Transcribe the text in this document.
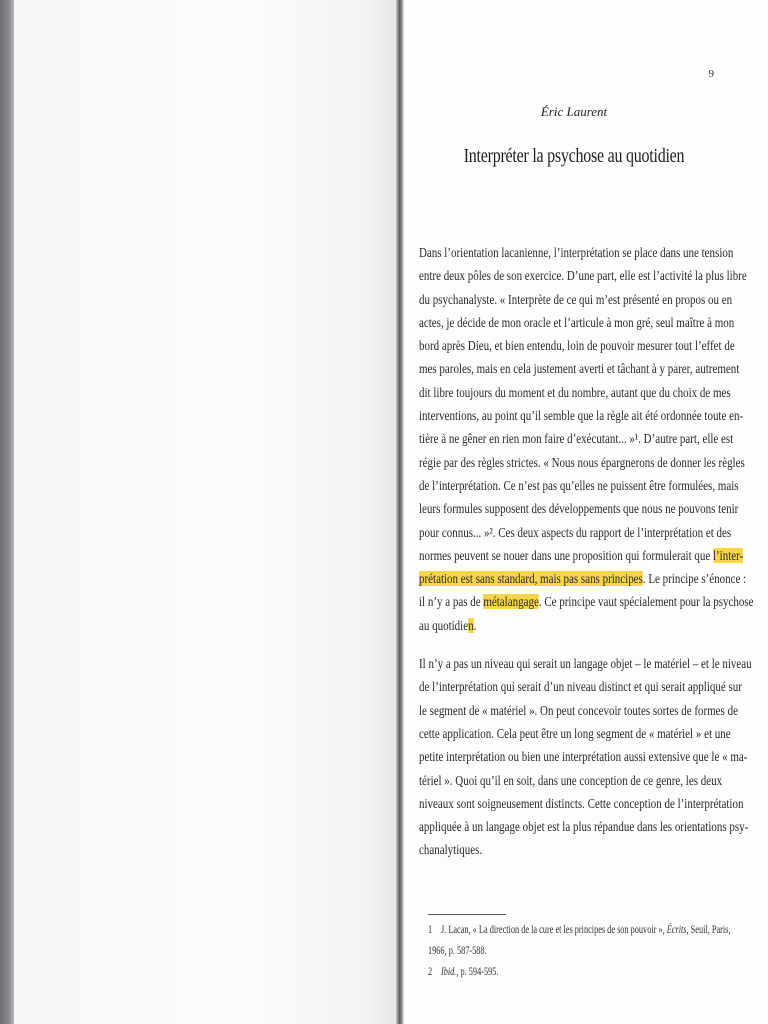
9
Éric Laurent
Interpréter la psychose au quotidien

Dans l’orientation lacanienne, l’interprétation se place dans une tension
entre deux pôles de son exercice. D’une part, elle est l’activité la plus libre
du psychanalyste. « Interprète de ce qui m’est présenté en propos ou en
actes, je décide de mon oracle et l’articule à mon gré, seul maître à mon
bord après Dieu, et bien entendu, loin de pouvoir mesurer tout l’effet de
mes paroles, mais en cela justement averti et tâchant à y parer, autrement
dit libre toujours du moment et du nombre, autant que du choix de mes
interventions, au point qu’il semble que la règle ait été ordonnée toute en-
tière à ne gêner en rien mon faire d’exécutant... »¹. D’autre part, elle est
régie par des règles strictes. « Nous nous épargnerons de donner les règles
de l’interprétation. Ce n’est pas qu’elles ne puissent être formulées, mais
leurs formules supposent des développements que nous ne pouvons tenir
pour connus... »². Ces deux aspects du rapport de l’interprétation et des
normes peuvent se nouer dans une proposition qui formulerait que l’inter-
prétation est sans standard, mais pas sans principes. Le principe s’énonce :
il n’y a pas de métalangage. Ce principe vaut spécialement pour la psychose
au quotidien.

Il n’y a pas un niveau qui serait un langage objet – le matériel – et le niveau
de l’interprétation qui serait d’un niveau distinct et qui serait appliqué sur
le segment de « matériel ». On peut concevoir toutes sortes de formes de
cette application. Cela peut être un long segment de « matériel » et une
petite interprétation ou bien une interprétation aussi extensive que le « ma-
tériel ». Quoi qu’il en soit, dans une conception de ce genre, les deux
niveaux sont soigneusement distincts. Cette conception de l’interprétation
appliquée à un langage objet est la plus répandue dans les orientations psy-
chanalytiques.

1 J. Lacan, « La direction de la cure et les principes de son pouvoir », Écrits, Seuil, Paris,
1966, p. 587-588.
2 Ibid., p. 594-595.
